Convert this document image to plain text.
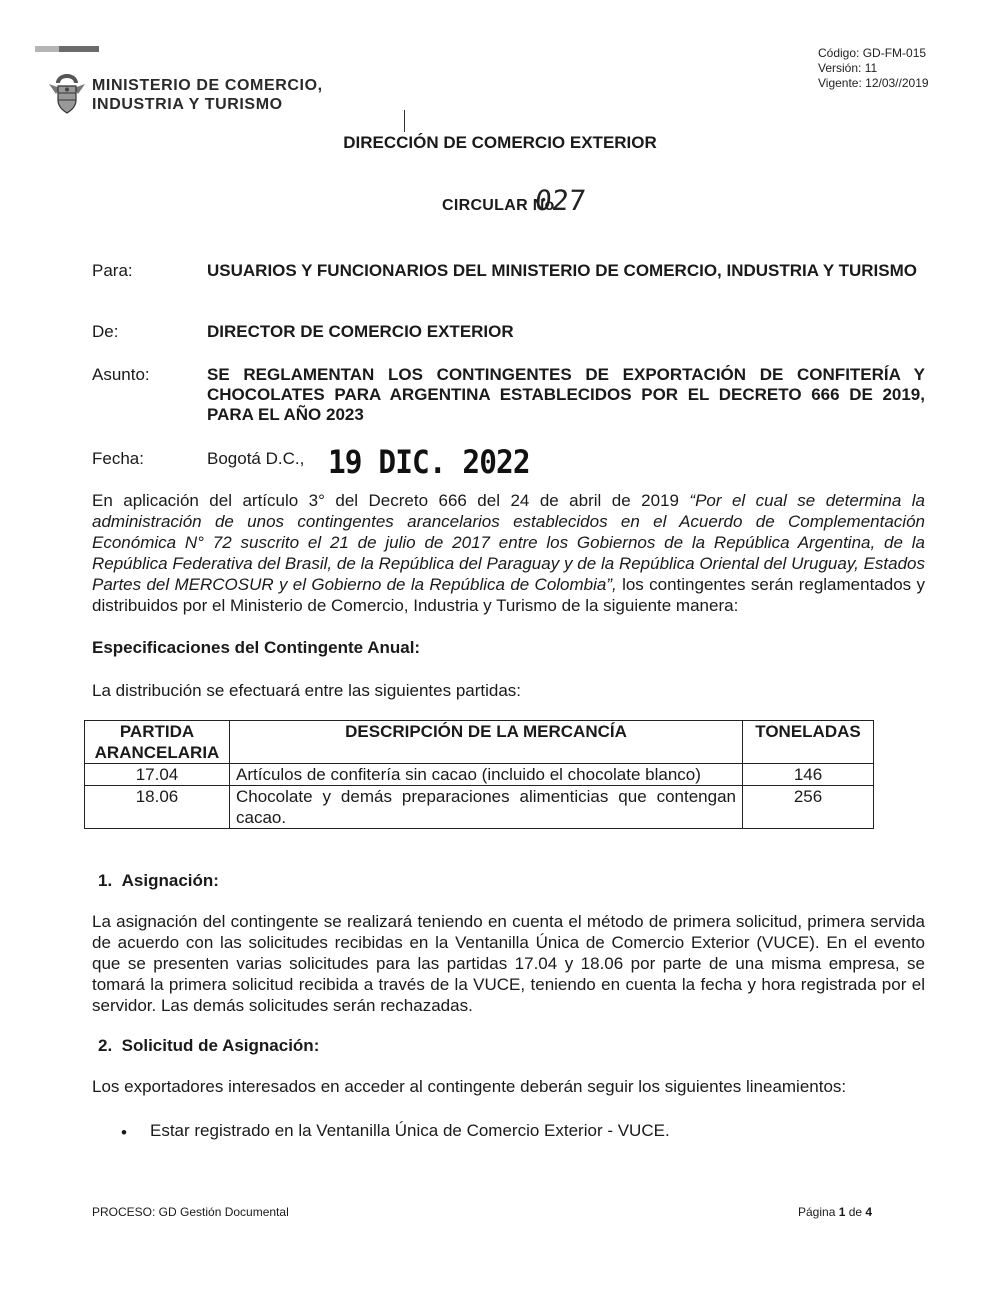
MINISTERIO DE COMERCIO,
INDUSTRIA Y TURISMO
Código: GD-FM-015
Versión: 11
Vigente: 12/03//2019
DIRECCIÓN DE COMERCIO EXTERIOR
CIRCULAR No.
027
Para:	USUARIOS Y FUNCIONARIOS DEL MINISTERIO DE COMERCIO, INDUSTRIA Y TURISMO
De:	DIRECTOR DE COMERCIO EXTERIOR
Asunto:	SE REGLAMENTAN LOS CONTINGENTES DE EXPORTACIÓN DE CONFITERÍA Y CHOCOLATES PARA ARGENTINA ESTABLECIDOS POR EL DECRETO 666 DE 2019, PARA EL AÑO 2023
Fecha:	Bogotá D.C., 19 DIC. 2022
En aplicación del artículo 3° del Decreto 666 del 24 de abril de 2019 “Por el cual se determina la administración de unos contingentes arancelarios establecidos en el Acuerdo de Complementación Económica N° 72 suscrito el 21 de julio de 2017 entre los Gobiernos de la República Argentina, de la República Federativa del Brasil, de la República del Paraguay y de la República Oriental del Uruguay, Estados Partes del MERCOSUR y el Gobierno de la República de Colombia”, los contingentes serán reglamentados y distribuidos por el Ministerio de Comercio, Industria y Turismo de la siguiente manera:
Especificaciones del Contingente Anual:
La distribución se efectuará entre las siguientes partidas:
PARTIDA ARANCELARIA	DESCRIPCIÓN DE LA MERCANCÍA	TONELADAS
17.04	Artículos de confitería sin cacao (incluido el chocolate blanco)	146
18.06	Chocolate y demás preparaciones alimenticias que contengan cacao.	256
1. Asignación:
La asignación del contingente se realizará teniendo en cuenta el método de primera solicitud, primera servida de acuerdo con las solicitudes recibidas en la Ventanilla Única de Comercio Exterior (VUCE). En el evento que se presenten varias solicitudes para las partidas 17.04 y 18.06 por parte de una misma empresa, se tomará la primera solicitud recibida a través de la VUCE, teniendo en cuenta la fecha y hora registrada por el servidor. Las demás solicitudes serán rechazadas.
2. Solicitud de Asignación:
Los exportadores interesados en acceder al contingente deberán seguir los siguientes lineamientos:
• Estar registrado en la Ventanilla Única de Comercio Exterior - VUCE.
PROCESO: GD Gestión Documental	Página 1 de 4
